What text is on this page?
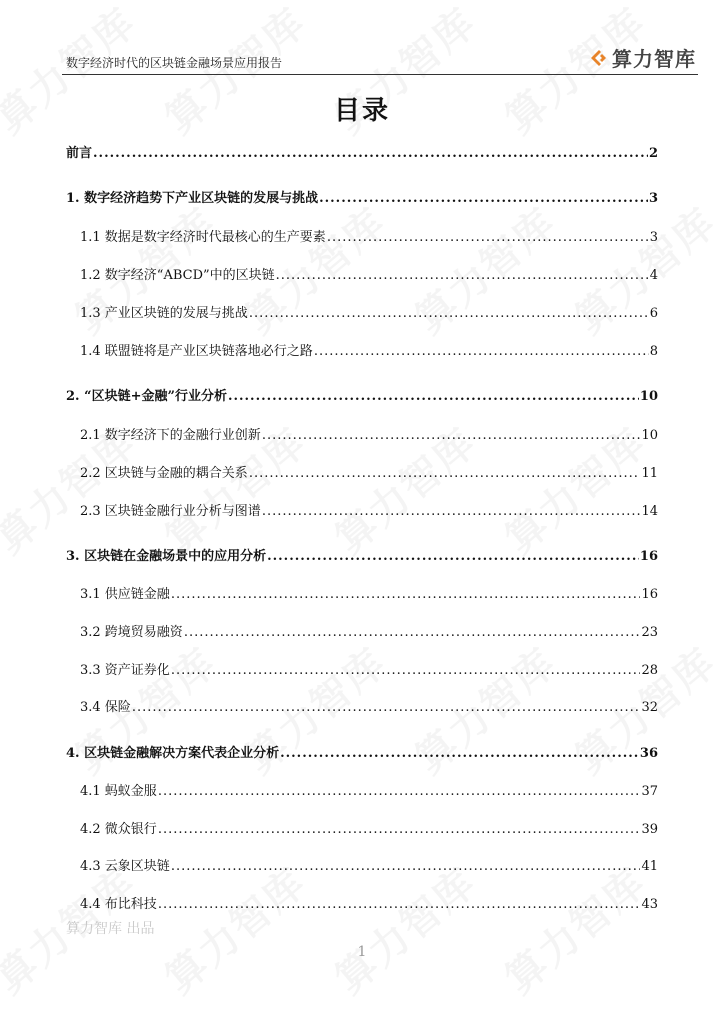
数字经济时代的区块链金融场景应用报告	算力智库
目录
前言 .....	2
1. 数字经济趋势下产业区块链的发展与挑战 .....	3
1.1 数据是数字经济时代最核心的生产要素 .....	3
1.2 数字经济“ABCD”中的区块链 .....	4
1.3 产业区块链的发展与挑战 .....	6
1.4 联盟链将是产业区块链落地必行之路 .....	8
2. “区块链+金融”行业分析 .....	10
2.1 数字经济下的金融行业创新 .....	10
2.2 区块链与金融的耦合关系 .....	11
2.3 区块链金融行业分析与图谱 .....	14
3. 区块链在金融场景中的应用分析 .....	16
3.1 供应链金融 .....	16
3.2 跨境贸易融资 .....	23
3.3 资产证券化 .....	28
3.4 保险 .....	32
4. 区块链金融解决方案代表企业分析 .....	36
4.1 蚂蚁金服 .....	37
4.2 微众银行 .....	39
4.3 云象区块链 .....	41
4.4 布比科技 .....	43
算力智库 出品
1
